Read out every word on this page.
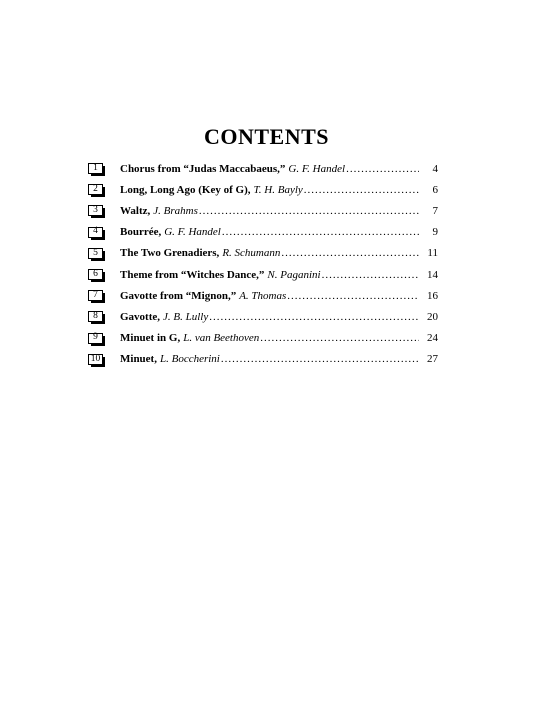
CONTENTS
1	Chorus from “Judas Maccabaeus,” G. F. Handel .....	4
2	Long, Long Ago (Key of G), T. H. Bayly .....	6
3	Waltz, J. Brahms .....	7
4	Bourrée, G. F. Handel .....	9
5	The Two Grenadiers, R. Schumann .....	11
6	Theme from “Witches Dance,” N. Paganini .....	14
7	Gavotte from “Mignon,” A. Thomas .....	16
8	Gavotte, J. B. Lully .....	20
9	Minuet in G, L. van Beethoven .....	24
10 Minuet, L. Boccherini .....	27
